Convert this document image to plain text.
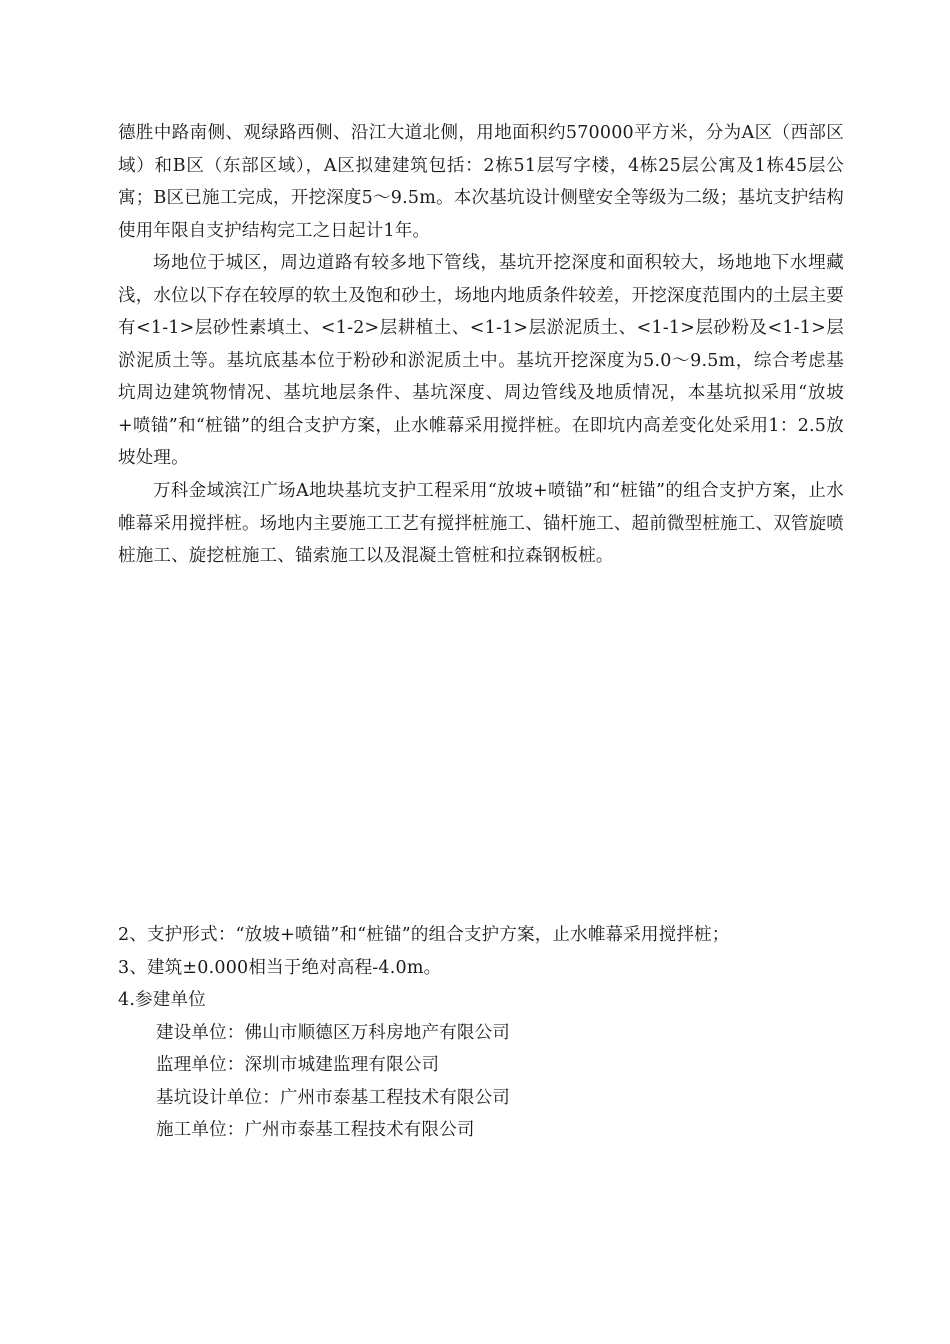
德胜中路南侧、观绿路西侧、沿江大道北侧，用地面积约570000平方米，分为A区（西部区域）和B区（东部区域），A区拟建建筑包括：2栋51层写字楼，4栋25层公寓及1栋45层公寓；B区已施工完成，开挖深度5～9.5m。本次基坑设计侧壁安全等级为二级；基坑支护结构使用年限自支护结构完工之日起计1年。

场地位于城区，周边道路有较多地下管线，基坑开挖深度和面积较大，场地地下水埋藏浅，水位以下存在较厚的软土及饱和砂土，场地内地质条件较差，开挖深度范围内的土层主要有<1-1>层砂性素填土、<1-2>层耕植土、<1-1>层淤泥质土、<1-1>层砂粉及<1-1>层淤泥质土等。基坑底基本位于粉砂和淤泥质土中。基坑开挖深度为5.0～9.5m，综合考虑基坑周边建筑物情况、基坑地层条件、基坑深度、周边管线及地质情况，本基坑拟采用“放坡+喷锚”和“桩锚”的组合支护方案，止水帷幕采用搅拌桩。在即坑内高差变化处采用1：2.5放坡处理。

万科金域滨江广场A地块基坑支护工程采用“放坡+喷锚”和“桩锚”的组合支护方案，止水帷幕采用搅拌桩。场地内主要施工工艺有搅拌桩施工、锚杆施工、超前微型桩施工、双管旋喷桩施工、旋挖桩施工、锚索施工以及混凝土管桩和拉森钢板桩。

2、支护形式：“放坡+喷锚”和“桩锚”的组合支护方案，止水帷幕采用搅拌桩；

3、建筑±0.000相当于绝对高程-4.0m。

4.参建单位

建设单位：佛山市顺德区万科房地产有限公司

监理单位：深圳市城建监理有限公司

基坑设计单位：广州市泰基工程技术有限公司

施工单位：广州市泰基工程技术有限公司
